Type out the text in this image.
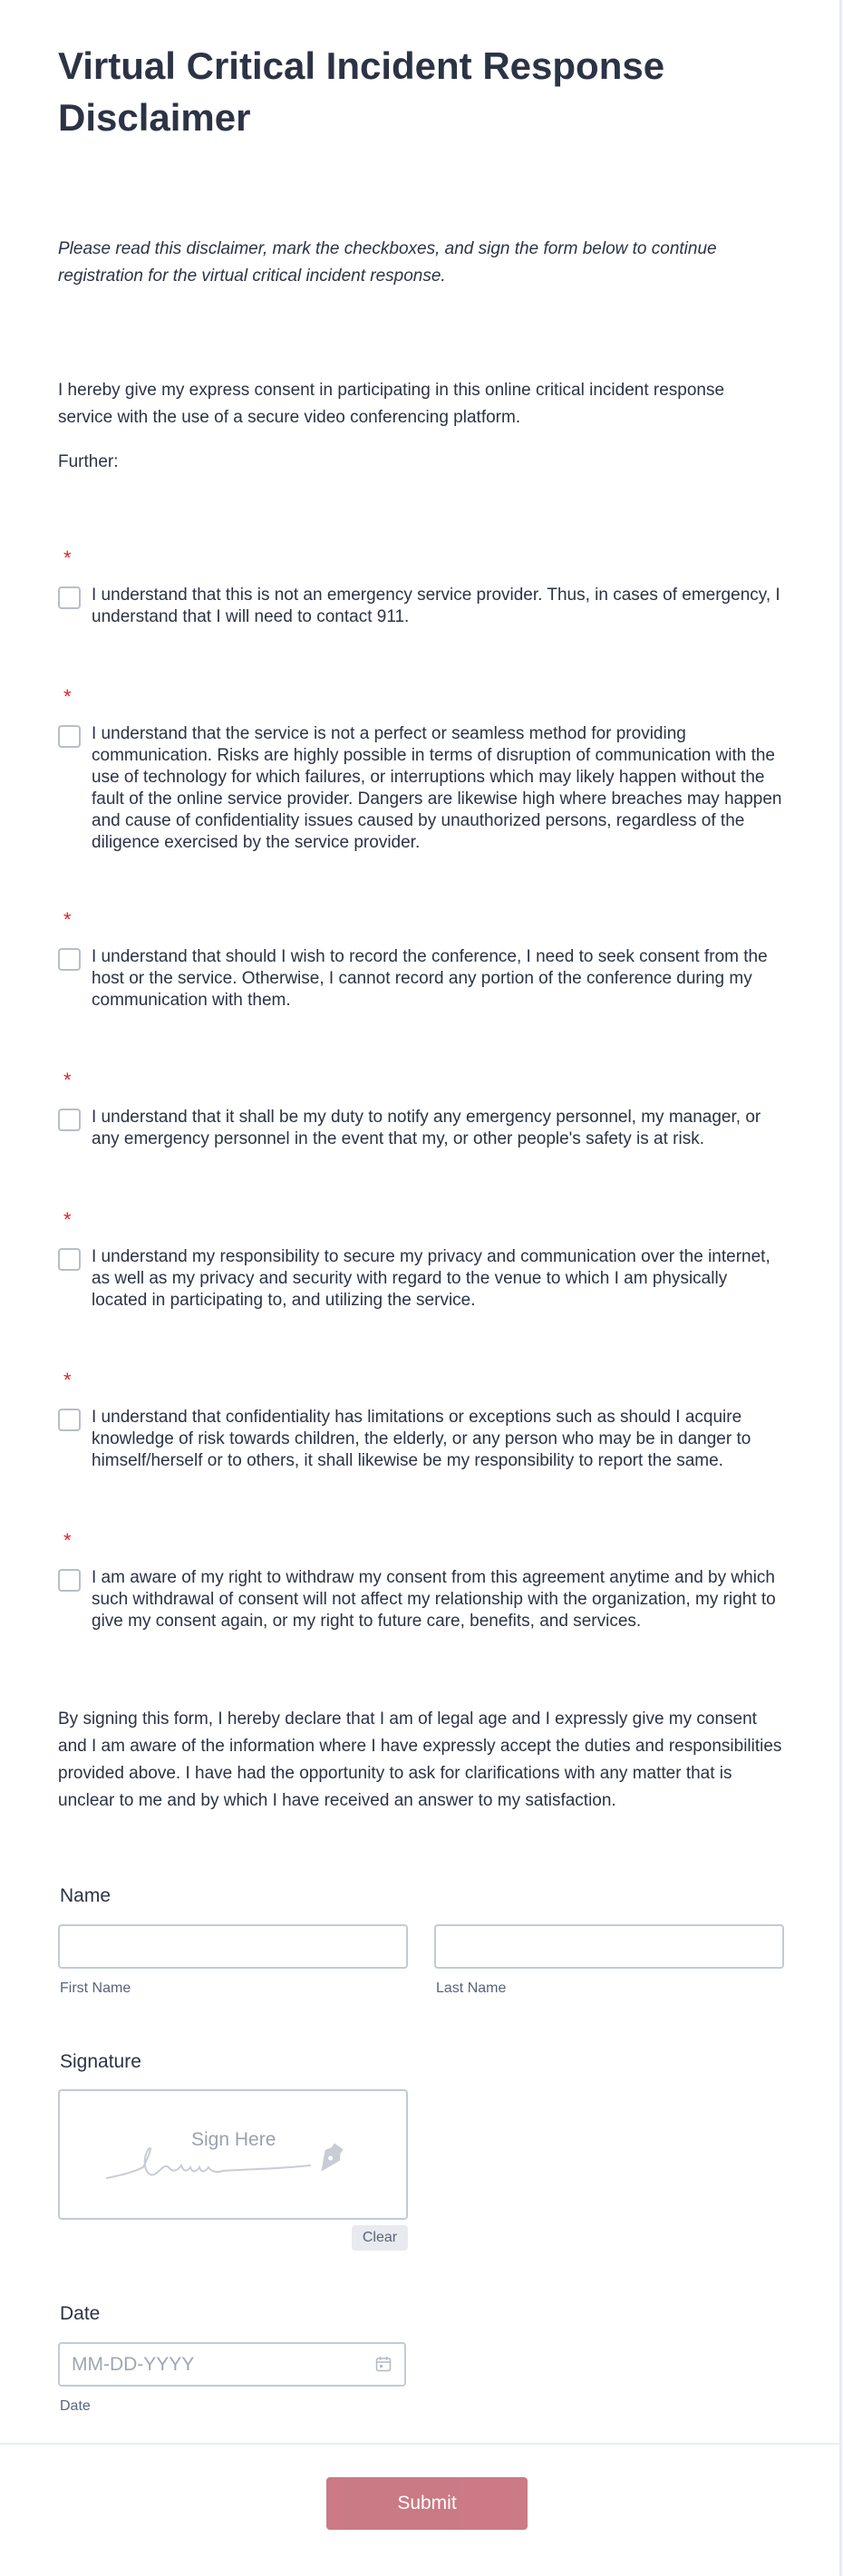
Virtual Critical Incident Response Disclaimer

Please read this disclaimer, mark the checkboxes, and sign the form below to continue registration for the virtual critical incident response.

I hereby give my express consent in participating in this online critical incident response service with the use of a secure video conferencing platform.

Further:

*
I understand that this is not an emergency service provider. Thus, in cases of emergency, I understand that I will need to contact 911.
*
I understand that the service is not a perfect or seamless method for providing communication. Risks are highly possible in terms of disruption of communication with the use of technology for which failures, or interruptions which may likely happen without the fault of the online service provider. Dangers are likewise high where breaches may happen and cause of confidentiality issues caused by unauthorized persons, regardless of the diligence exercised by the service provider.
*
I understand that should I wish to record the conference, I need to seek consent from the host or the service. Otherwise, I cannot record any portion of the conference during my communication with them.
*
I understand that it shall be my duty to notify any emergency personnel, my manager, or any emergency personnel in the event that my, or other people's safety is at risk.
*
I understand my responsibility to secure my privacy and communication over the internet, as well as my privacy and security with regard to the venue to which I am physically located in participating to, and utilizing the service.
*
I understand that confidentiality has limitations or exceptions such as should I acquire knowledge of risk towards children, the elderly, or any person who may be in danger to himself/herself or to others, it shall likewise be my responsibility to report the same.
*
I am aware of my right to withdraw my consent from this agreement anytime and by which such withdrawal of consent will not affect my relationship with the organization, my right to give my consent again, or my right to future care, benefits, and services.

By signing this form, I hereby declare that I am of legal age and I expressly give my consent and I am aware of the information where I have expressly accept the duties and responsibilities provided above. I have had the opportunity to ask for clarifications with any matter that is unclear to me and by which I have received an answer to my satisfaction.

Name
First Name	Last Name
Signature
Sign Here
Clear
Date
MM-DD-YYYY
Date
Submit
